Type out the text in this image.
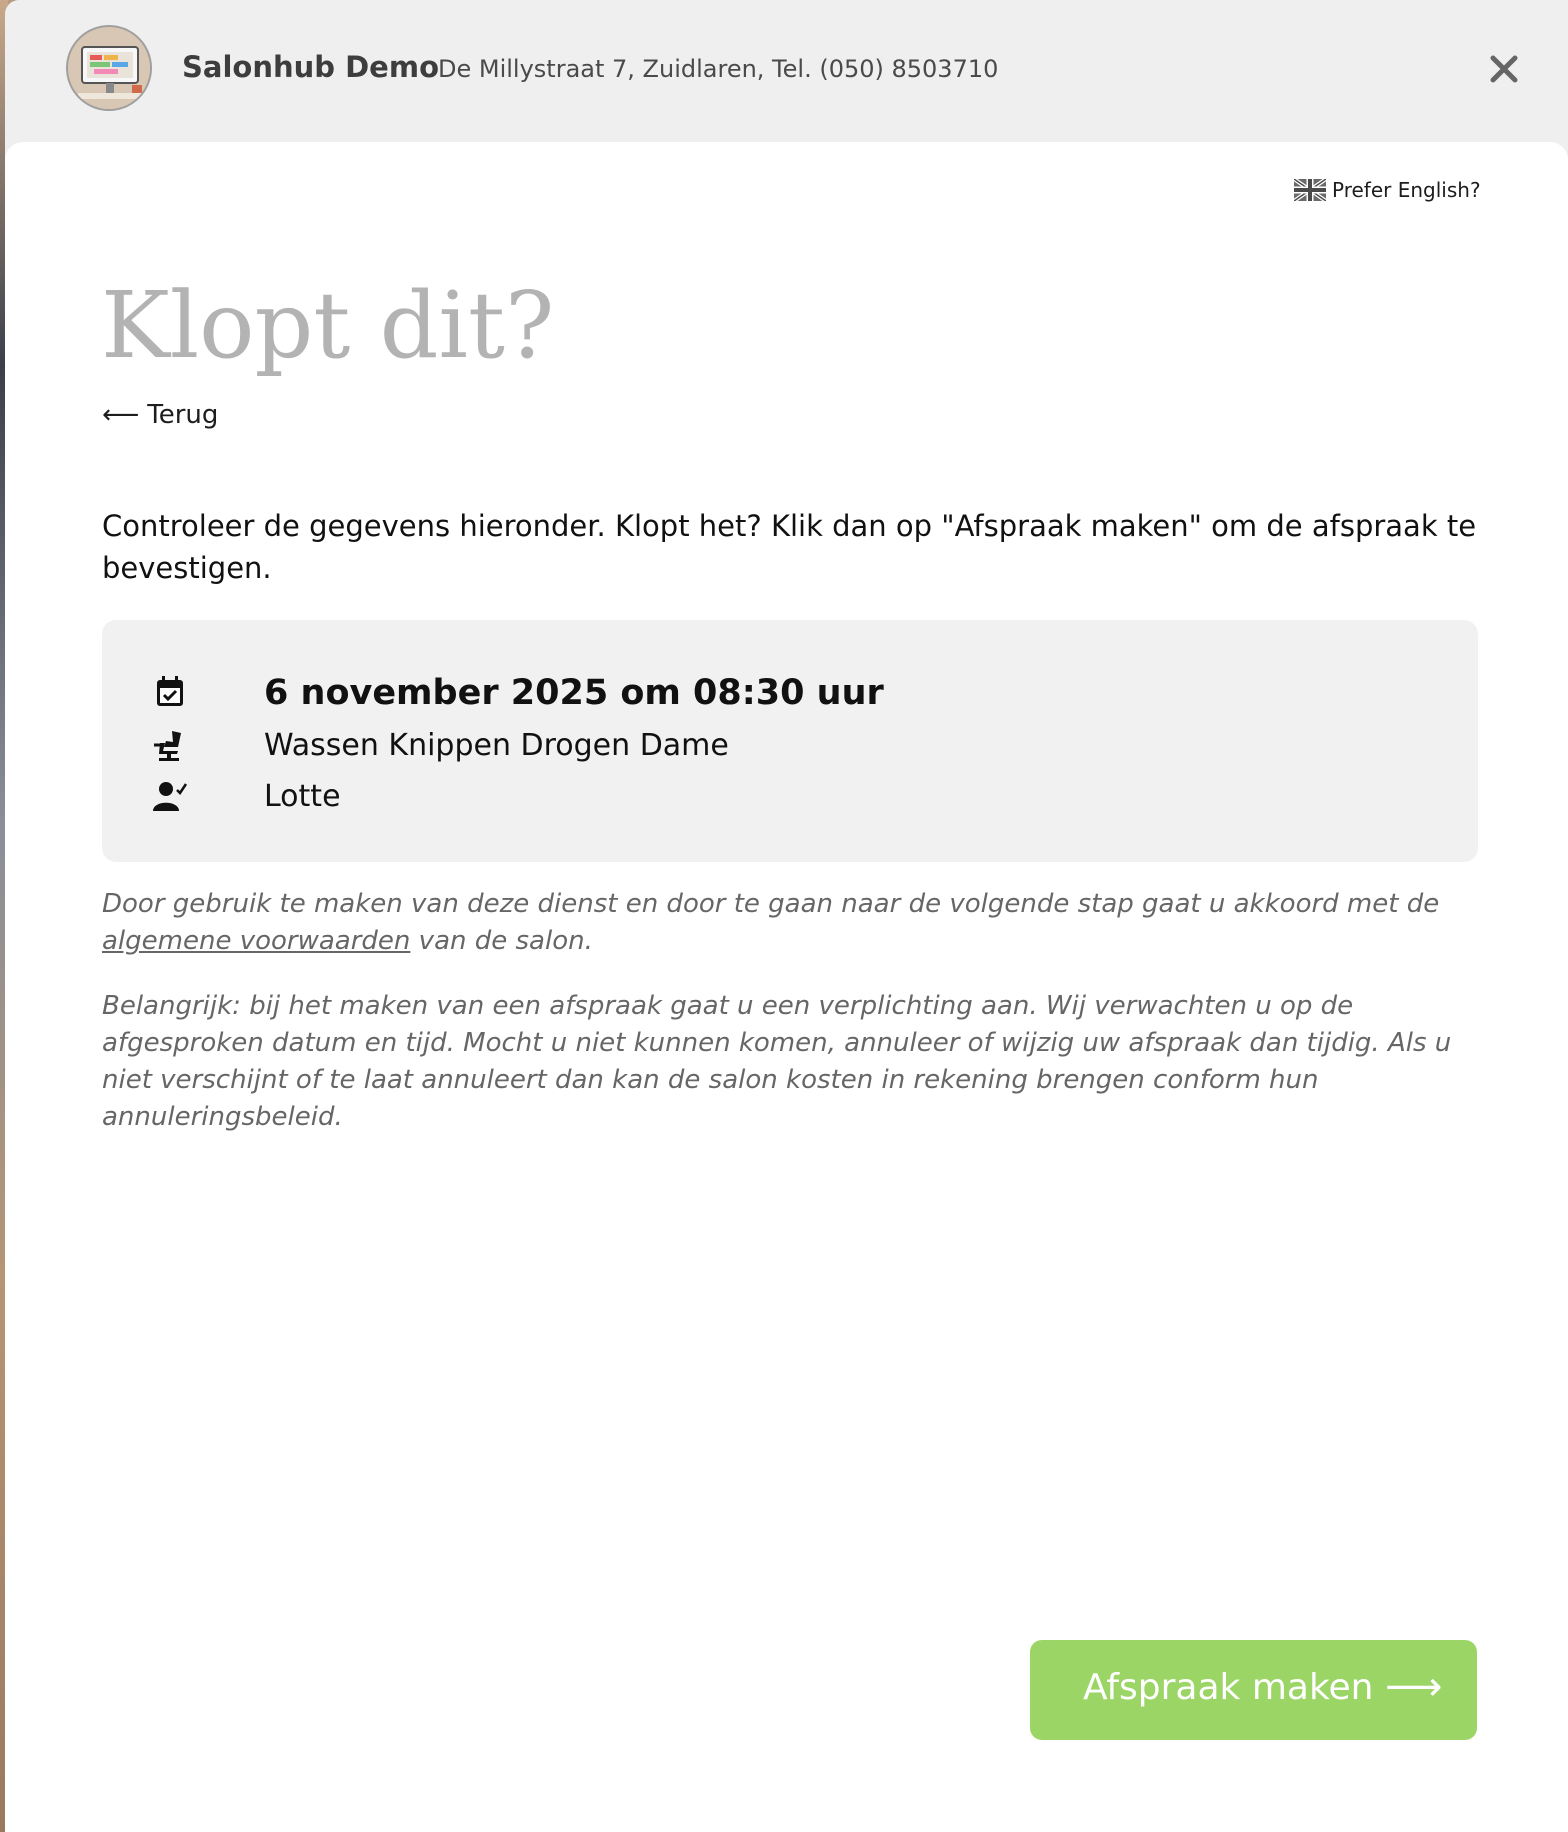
Salonhub Demo De Millystraat 7, Zuidlaren, Tel. (050) 8503710
Prefer English?
Klopt dit?
⟵ Terug

Controleer de gegevens hieronder. Klopt het? Klik dan op "Afspraak maken" om de afspraak te bevestigen.

6 november 2025 om 08:30 uur
Wassen Knippen Drogen Dame
Lotte

Door gebruik te maken van deze dienst en door te gaan naar de volgende stap gaat u akkoord met de algemene voorwaarden van de salon.

Belangrijk: bij het maken van een afspraak gaat u een verplichting aan. Wij verwachten u op de afgesproken datum en tijd. Mocht u niet kunnen komen, annuleer of wijzig uw afspraak dan tijdig. Als u niet verschijnt of te laat annuleert dan kan de salon kosten in rekening brengen conform hun annuleringsbeleid.

Afspraak maken ⟶
